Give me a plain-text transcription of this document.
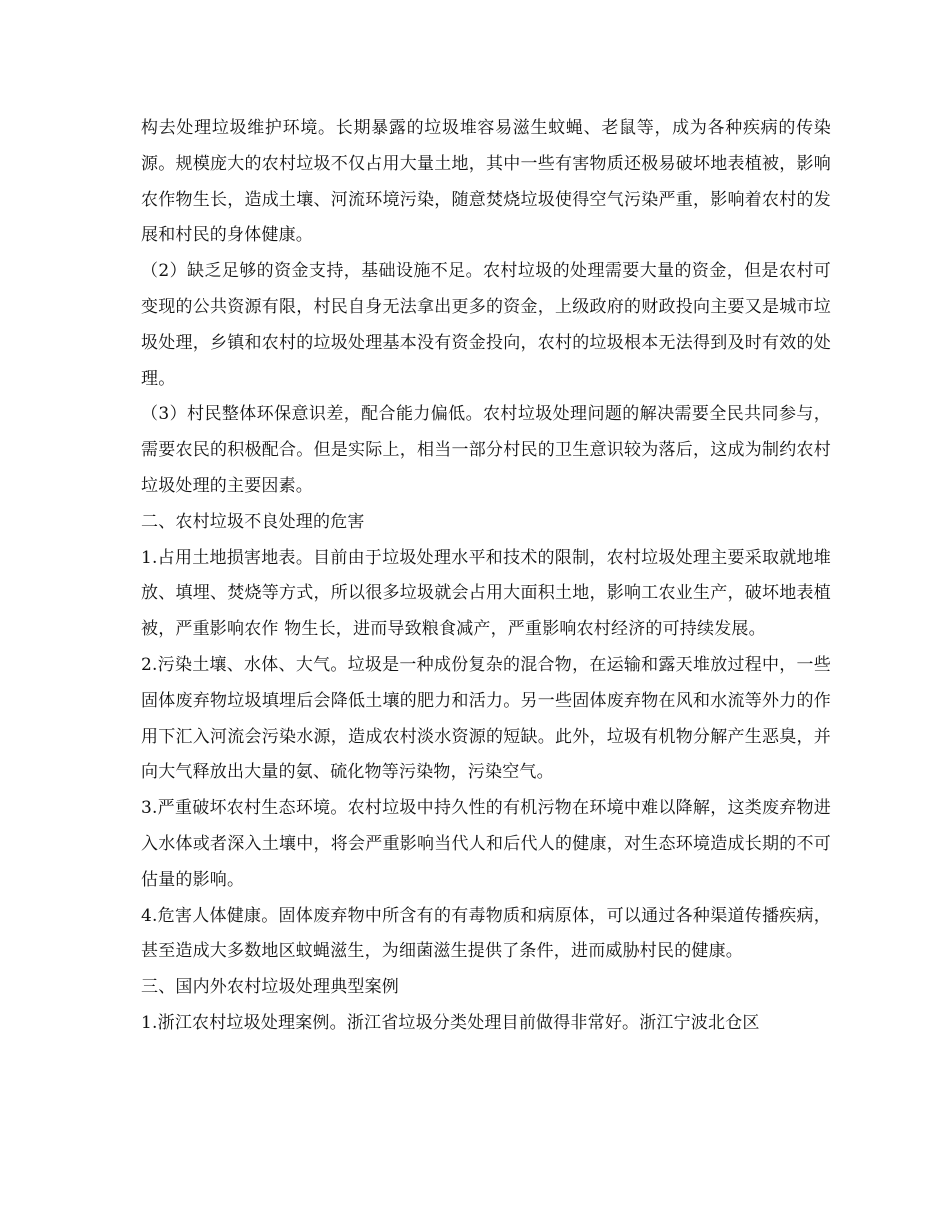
构去处理垃圾维护环境。长期暴露的垃圾堆容易滋生蚊蝇、老鼠等，成为各种疾病的传染源。规模庞大的农村垃圾不仅占用大量土地，其中一些有害物质还极易破坏地表植被，影响农作物生长，造成土壤、河流环境污染，随意焚烧垃圾使得空气污染严重，影响着农村的发展和村民的身体健康。

（2）缺乏足够的资金支持，基础设施不足。农村垃圾的处理需要大量的资金，但是农村可变现的公共资源有限，村民自身无法拿出更多的资金，上级政府的财政投向主要又是城市垃圾处理，乡镇和农村的垃圾处理基本没有资金投向，农村的垃圾根本无法得到及时有效的处理。

（3）村民整体环保意识差，配合能力偏低。农村垃圾处理问题的解决需要全民共同参与，需要农民的积极配合。但是实际上，相当一部分村民的卫生意识较为落后，这成为制约农村垃圾处理的主要因素。

二、农村垃圾不良处理的危害

1.占用土地损害地表。目前由于垃圾处理水平和技术的限制，农村垃圾处理主要采取就地堆放、填埋、焚烧等方式，所以很多垃圾就会占用大面积土地，影响工农业生产，破坏地表植被，严重影响农作 物生长，进而导致粮食减产，严重影响农村经济的可持续发展。

2.污染土壤、水体、大气。垃圾是一种成份复杂的混合物，在运输和露天堆放过程中，一些固体废弃物垃圾填埋后会降低土壤的肥力和活力。另一些固体废弃物在风和水流等外力的作用下汇入河流会污染水源，造成农村淡水资源的短缺。此外，垃圾有机物分解产生恶臭，并向大气释放出大量的氨、硫化物等污染物，污染空气。

3.严重破坏农村生态环境。农村垃圾中持久性的有机污物在环境中难以降解，这类废弃物进入水体或者深入土壤中，将会严重影响当代人和后代人的健康，对生态环境造成长期的不可估量的影响。

4.危害人体健康。固体废弃物中所含有的有毒物质和病原体，可以通过各种渠道传播疾病，甚至造成大多数地区蚊蝇滋生，为细菌滋生提供了条件，进而威胁村民的健康。

三、国内外农村垃圾处理典型案例

1.浙江农村垃圾处理案例。浙江省垃圾分类处理目前做得非常好。浙江宁波北仓区
